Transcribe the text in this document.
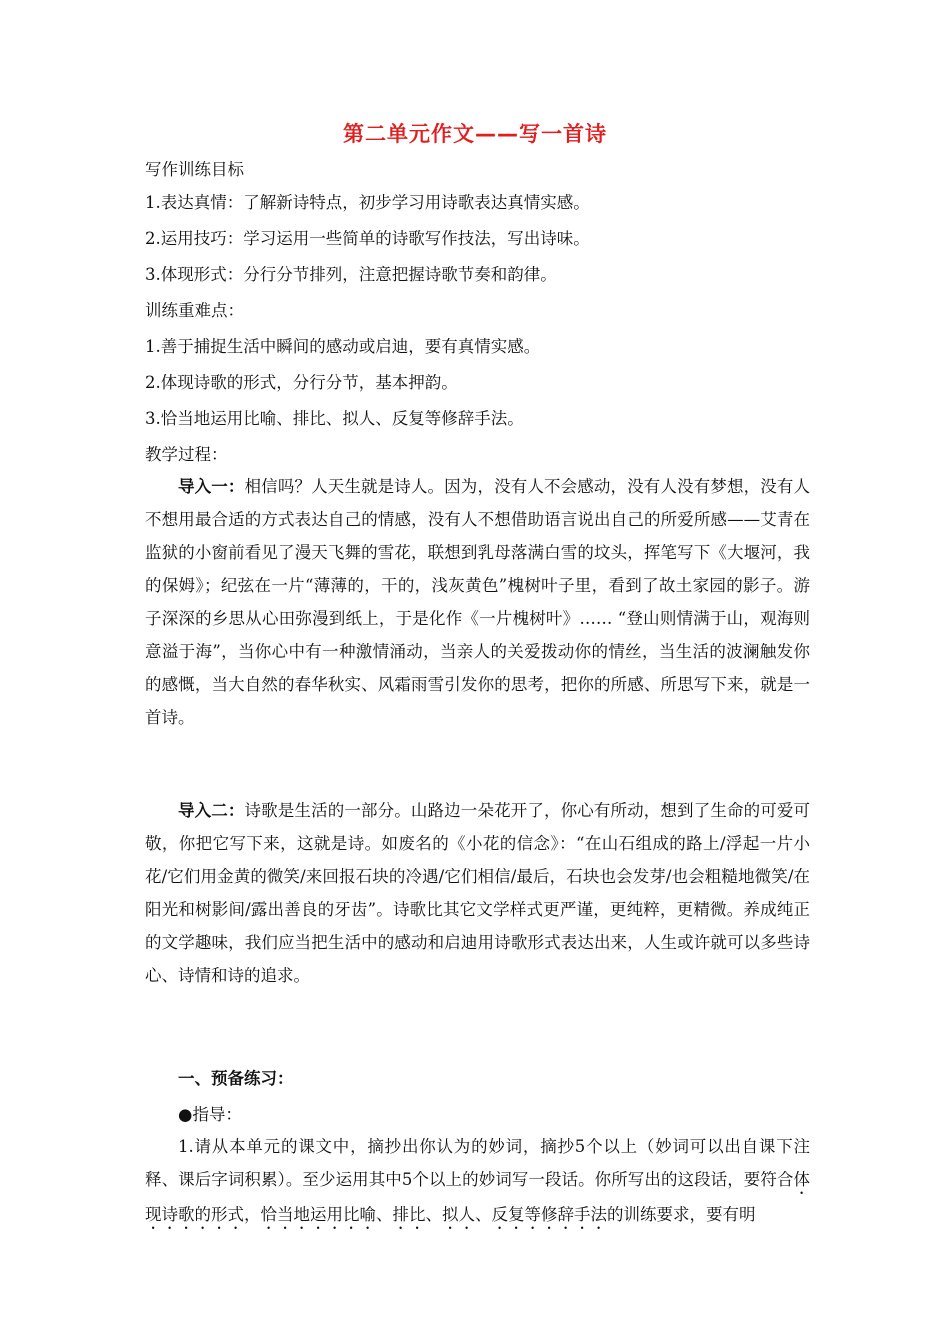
第二单元作文——写一首诗
写作训练目标
1.表达真情：了解新诗特点，初步学习用诗歌表达真情实感。
2.运用技巧：学习运用一些简单的诗歌写作技法，写出诗味。
3.体现形式：分行分节排列，注意把握诗歌节奏和韵律。
训练重难点：
1.善于捕捉生活中瞬间的感动或启迪，要有真情实感。
2.体现诗歌的形式，分行分节，基本押韵。
3.恰当地运用比喻、排比、拟人、反复等修辞手法。
教学过程：
导入一：相信吗？人天生就是诗人。因为，没有人不会感动，没有人没有梦想，没有人不想用最合适的方式表达自己的情感，没有人不想借助语言说出自己的所爱所感——艾青在监狱的小窗前看见了漫天飞舞的雪花，联想到乳母落满白雪的坟头，挥笔写下《大堰河，我的保姆》；纪弦在一片“薄薄的，干的，浅灰黄色”槐树叶子里，看到了故土家园的影子。游子深深的乡思从心田弥漫到纸上，于是化作《一片槐树叶》…… “登山则情满于山，观海则意溢于海”，当你心中有一种激情涌动，当亲人的关爱拨动你的情丝，当生活的波澜触发你的感慨，当大自然的春华秋实、风霜雨雪引发你的思考，把你的所感、所思写下来，就是一首诗。
导入二：诗歌是生活的一部分。山路边一朵花开了，你心有所动，想到了生命的可爱可敬，你把它写下来，这就是诗。如废名的《小花的信念》：“在山石组成的路上/浮起一片小花/它们用金黄的微笑/来回报石块的冷遇/它们相信/最后，石块也会发芽/也会粗糙地微笑/在阳光和树影间/露出善良的牙齿”。诗歌比其它文学样式更严谨，更纯粹，更精微。养成纯正的文学趣味，我们应当把生活中的感动和启迪用诗歌形式表达出来，人生或许就可以多些诗心、诗情和诗的追求。
一、预备练习：
●指导：
1.请从本单元的课文中，摘抄出你认为的妙词，摘抄5个以上（妙词可以出自课下注释、课后字词积累）。至少运用其中5个以上的妙词写一段话。你所写出的这段话，要符合体现诗歌的形式，恰当地运用比喻、排比、拟人、反复等修辞手法的训练要求，要有明
